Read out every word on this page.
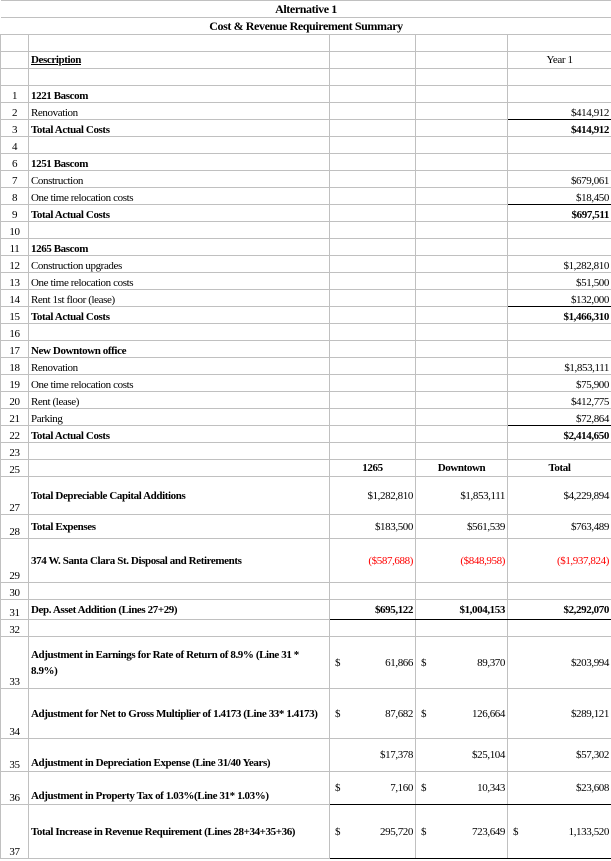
Alternative 1				
Cost & Revenue Requirement Summary				

	Description			Year 1

1	1221 Bascom			
2	Renovation			$414,912
3	Total Actual Costs			$414,912
4				
6	1251 Bascom			
7	Construction			$679,061
8	One time relocation costs			$18,450
9	Total Actual Costs			$697,511
10				
11	1265 Bascom			
12	Construction upgrades			$1,282,810
13	One time relocation costs			$51,500
14	Rent 1st floor (lease)			$132,000
15	Total Actual Costs			$1,466,310
16				
17	New Downtown office			
18	Renovation			$1,853,111
19	One time relocation costs			$75,900
20	Rent (lease)			$412,775
21	Parking			$72,864
22	Total Actual Costs			$2,414,650
23				
25		1265	Downtown	Total
27	Total Depreciable Capital Additions	$1,282,810	$1,853,111	$4,229,894
28	Total Expenses	$183,500	$561,539	$763,489
29	374 W. Santa Clara St. Disposal and Retirements	($587,688)	($848,958)	($1,937,824)
30				
31	Dep. Asset Addition (Lines 27+29)	$695,122	$1,004,153	$2,292,070
32				
33	Adjustment in Earnings for Rate of Return of 8.9% (Line 31 * 8.9%)	$ 61,866	$ 89,370	$203,994
34	Adjustment for Net to Gross Multiplier of 1.4173 (Line 33* 1.4173)	$ 87,682	$ 126,664	$289,121
35	Adjustment in Depreciation Expense (Line 31/40 Years)	$17,378	$25,104	$57,302
36	Adjustment in Property Tax of 1.03%(Line 31* 1.03%)	$ 7,160	$ 10,343	$23,608
37	Total Increase in Revenue Requirement (Lines 28+34+35+36)	$ 295,720	$ 723,649	$ 1,133,520
